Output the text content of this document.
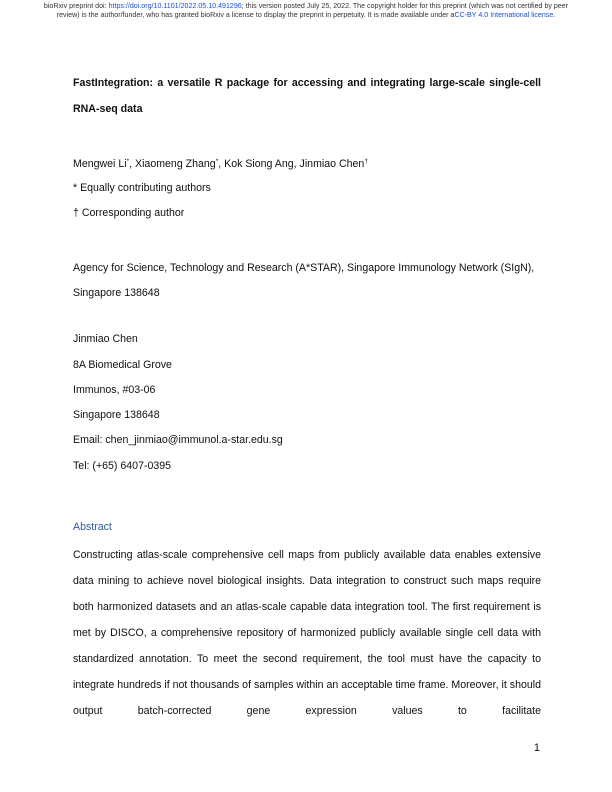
bioRxiv preprint doi: https://doi.org/10.1101/2022.05.10.491296; this version posted July 25, 2022. The copyright holder for this preprint (which was not certified by peer review) is the author/funder, who has granted bioRxiv a license to display the preprint in perpetuity. It is made available under aCC-BY 4.0 International license.
FastIntegration: a versatile R package for accessing and integrating large-scale single-cell RNA-seq data
Mengwei Li*, Xiaomeng Zhang*, Kok Siong Ang, Jinmiao Chen†
* Equally contributing authors
† Corresponding author
Agency for Science, Technology and Research (A*STAR), Singapore Immunology Network (SIgN), Singapore 138648
Jinmiao Chen
8A Biomedical Grove
Immunos, #03-06
Singapore 138648
Email: chen_jinmiao@immunol.a-star.edu.sg
Tel: (+65) 6407-0395
Abstract
Constructing atlas-scale comprehensive cell maps from publicly available data enables extensive data mining to achieve novel biological insights. Data integration to construct such maps require both harmonized datasets and an atlas-scale capable data integration tool. The first requirement is met by DISCO, a comprehensive repository of harmonized publicly available single cell data with standardized annotation. To meet the second requirement, the tool must have the capacity to integrate hundreds if not thousands of samples within an acceptable time frame. Moreover, it should output batch-corrected gene expression values to facilitate
1
